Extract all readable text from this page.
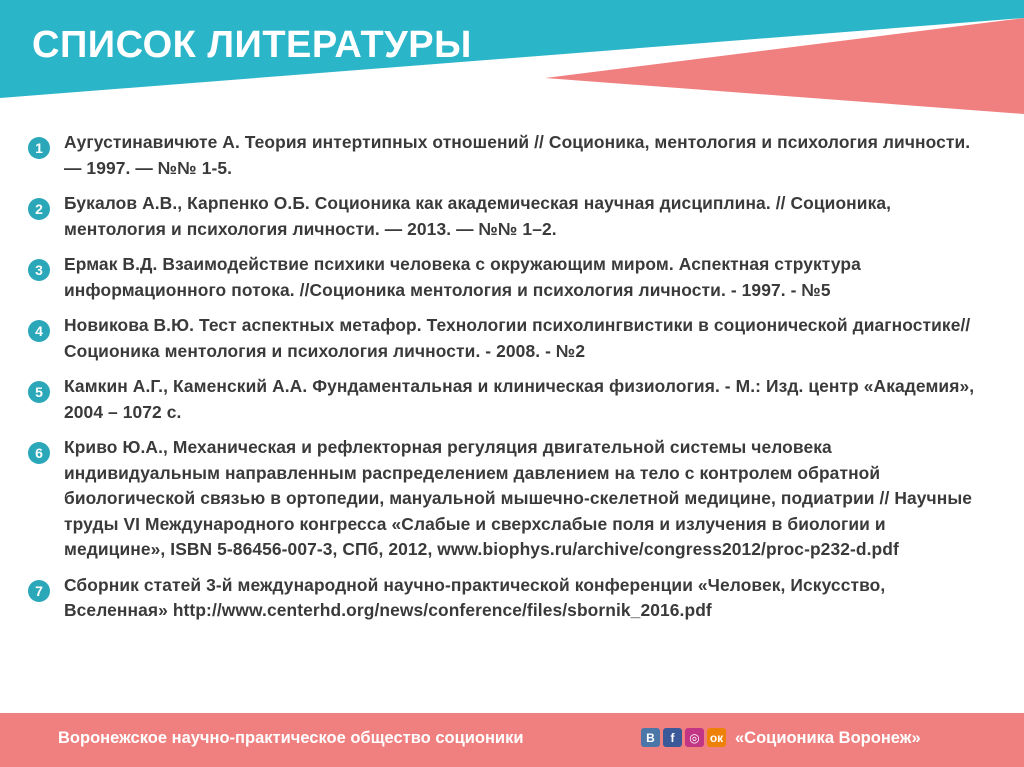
СПИСОК ЛИТЕРАТУРЫ
1	Аугустинавичюте А. Теория интертипных отношений // Соционика, ментология и психология личности. — 1997. — №№ 1-5.
2	Букалов А.В., Карпенко О.Б. Соционика как академическая научная дисциплина. // Соционика, ментология и психология личности. — 2013. — №№ 1–2.
3	Ермак В.Д. Взаимодействие психики человека с окружающим миром. Аспектная структура информационного потока. //Соционика ментология и психология личности. - 1997. - №5
4	Новикова В.Ю. Тест аспектных метафор. Технологии психолингвистики в соционической диагностике//Соционика ментология и психология личности. - 2008. - №2
5	Камкин А.Г., Каменский А.А. Фундаментальная и клиническая физиология. - М.: Изд. центр «Академия», 2004 – 1072 с.
6	Криво Ю.А., Механическая и рефлекторная регуляция двигательной системы человека индивидуальным направленным распределением давлением на тело с контролем обратной биологической связью в ортопедии, мануальной мышечно-скелетной медицине, подиатрии // Научные труды VI Международного конгресса «Слабые и сверхслабые поля и излучения в биологии и медицине», ISBN 5-86456-007-3, СПб, 2012, www.biophys.ru/archive/congress2012/proc-p232-d.pdf
7	Сборник статей 3-й международной научно-практической конференции «Человек, Искусство, Вселенная» http://www.centerhd.org/news/conference/files/sbornik_2016.pdf
Воронежское научно-практическое общество соционики	В	f	◎ ок «Соционика Воронеж»
